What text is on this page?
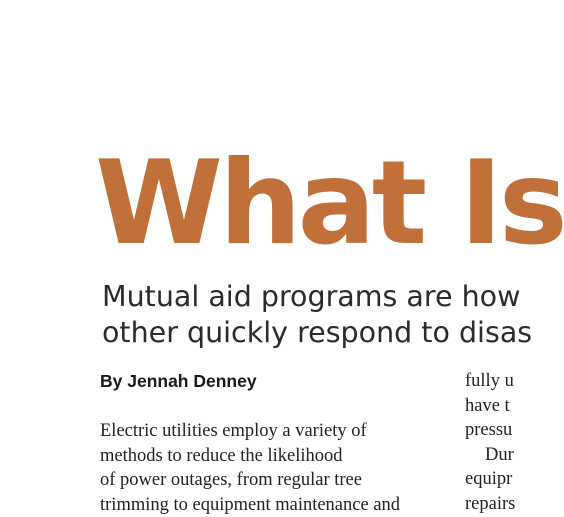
What Is
Mutual aid programs are how
other quickly respond to disas
By Jennah Denney
Electric utilities employ a variety of
methods to reduce the likelihood
of power outages, from regular tree
trimming to equipment maintenance and
fully u
have t
pressu
Dur
equipr
repairs
